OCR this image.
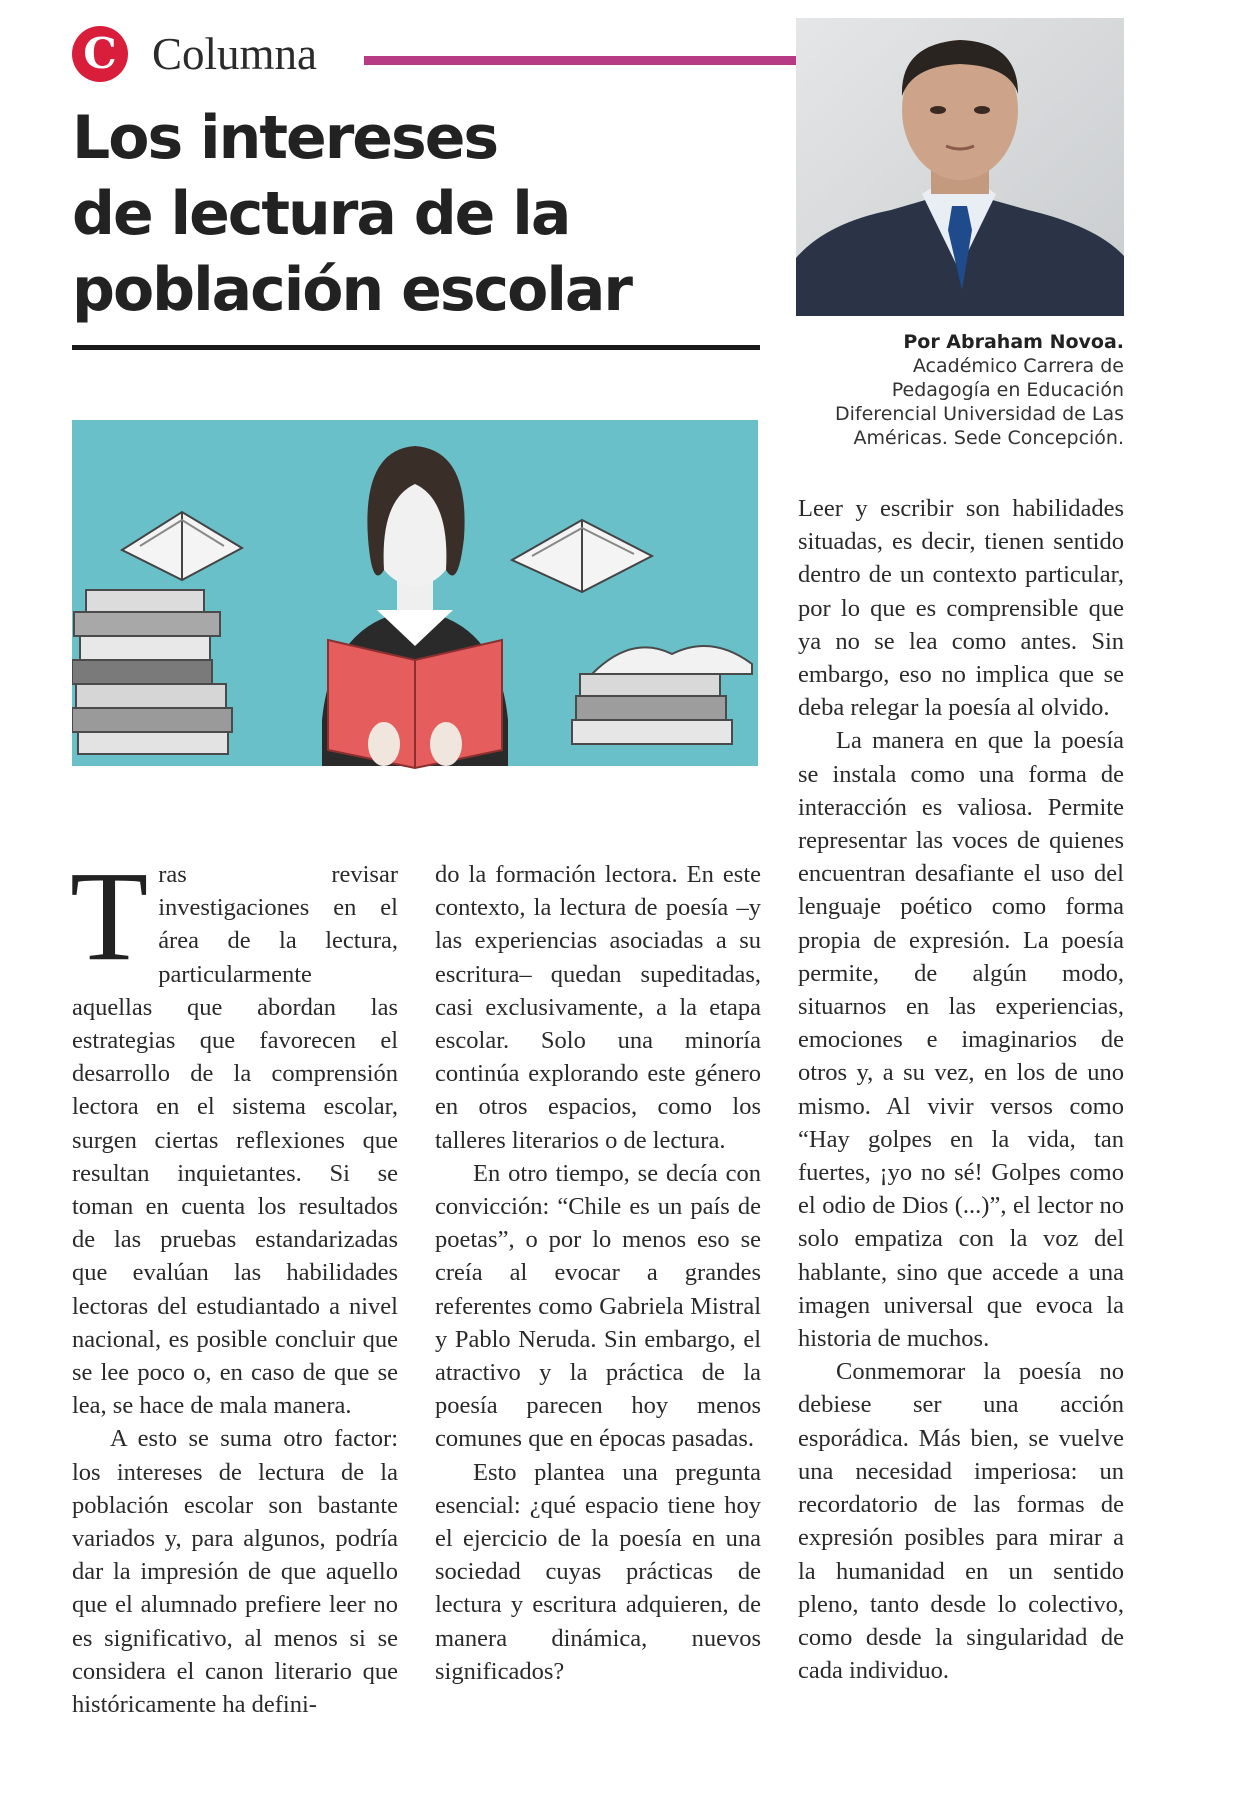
C Columna
Los intereses
de lectura de la
población escolar
Por Abraham Novoa.
Académico Carrera de
Pedagogía en Educación
Diferencial Universidad de Las
Américas. Sede Concepción.

Tras revisar investigaciones en el área de la lectura, particularmente aquellas que abordan las estrategias que favorecen el desarrollo de la comprensión lectora en el sistema escolar, surgen ciertas reflexiones que resultan inquietantes. Si se toman en cuenta los resultados de las pruebas estandarizadas que evalúan las habilidades lectoras del estudiantado a nivel nacional, es posible concluir que se lee poco o, en caso de que se lea, se hace de mala manera.

A esto se suma otro factor: los intereses de lectura de la población escolar son bastante variados y, para algunos, podría dar la impresión de que aquello que el alumnado prefiere leer no es significativo, al menos si se considera el canon literario que históricamente ha defini-

do la formación lectora. En este contexto, la lectura de poesía –y las experiencias asociadas a su escritura– quedan supeditadas, casi exclusivamente, a la etapa escolar. Solo una minoría continúa explorando este género en otros espacios, como los talleres literarios o de lectura.

En otro tiempo, se decía con convicción: “Chile es un país de poetas”, o por lo menos eso se creía al evocar a grandes referentes como Gabriela Mistral y Pablo Neruda. Sin embargo, el atractivo y la práctica de la poesía parecen hoy menos comunes que en épocas pasadas.

Esto plantea una pregunta esencial: ¿qué espacio tiene hoy el ejercicio de la poesía en una sociedad cuyas prácticas de lectura y escritura adquieren, de manera dinámica, nuevos significados?

Leer y escribir son habilidades situadas, es decir, tienen sentido dentro de un contexto particular, por lo que es comprensible que ya no se lea como antes. Sin embargo, eso no implica que se deba relegar la poesía al olvido.

La manera en que la poesía se instala como una forma de interacción es valiosa. Permite representar las voces de quienes encuentran desafiante el uso del lenguaje poético como forma propia de expresión. La poesía permite, de algún modo, situarnos en las experiencias, emociones e imaginarios de otros y, a su vez, en los de uno mismo. Al vivir versos como “Hay golpes en la vida, tan fuertes, ¡yo no sé! Golpes como el odio de Dios (...)”, el lector no solo empatiza con la voz del hablante, sino que accede a una imagen universal que evoca la historia de muchos.

Conmemorar la poesía no debiese ser una acción esporádica. Más bien, se vuelve una necesidad imperiosa: un recordatorio de las formas de expresión posibles para mirar a la humanidad en un sentido pleno, tanto desde lo colectivo, como desde la singularidad de cada individuo.
